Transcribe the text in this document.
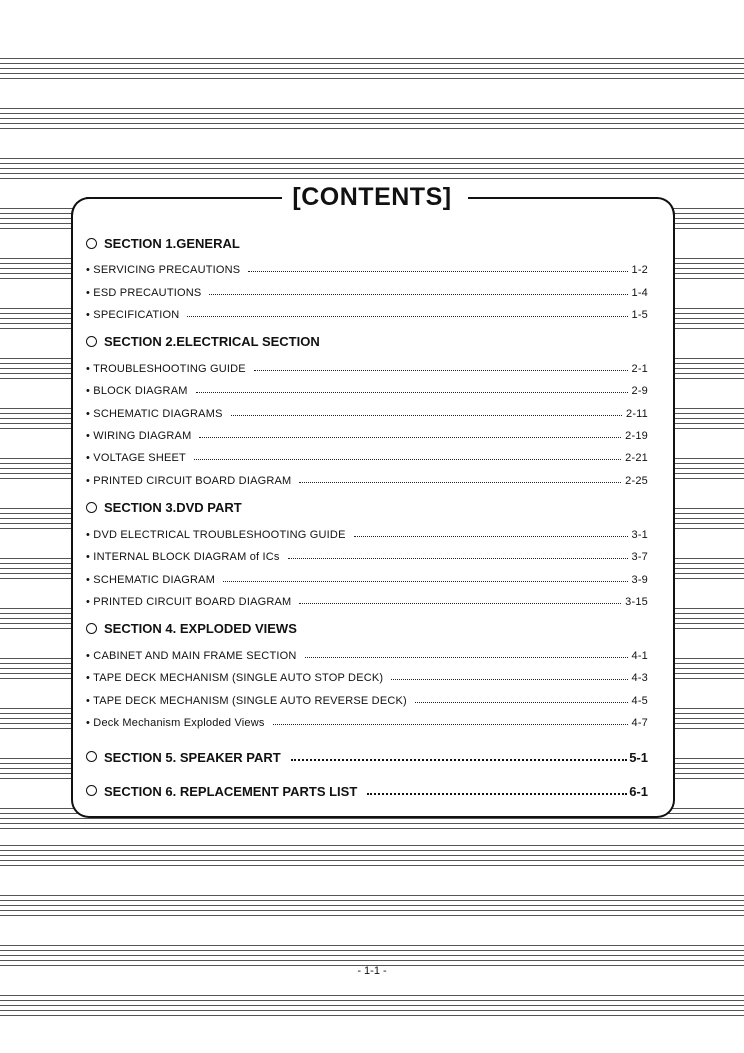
[CONTENTS]
SECTION 1.GENERAL
• SERVICING PRECAUTIONS	1-2
• ESD PRECAUTIONS	1-4
• SPECIFICATION	1-5
SECTION 2.ELECTRICAL SECTION
• TROUBLESHOOTING GUIDE	2-1
• BLOCK DIAGRAM	2-9
• SCHEMATIC DIAGRAMS	2-11
• WIRING DIAGRAM	2-19
• VOLTAGE SHEET	2-21
• PRINTED CIRCUIT BOARD DIAGRAM	2-25
SECTION 3.DVD PART
• DVD ELECTRICAL TROUBLESHOOTING GUIDE	3-1
• INTERNAL BLOCK DIAGRAM of ICs	3-7
• SCHEMATIC DIAGRAM	3-9
• PRINTED CIRCUIT BOARD DIAGRAM	3-15
SECTION 4. EXPLODED VIEWS
• CABINET AND MAIN FRAME SECTION	4-1
• TAPE DECK MECHANISM (SINGLE AUTO STOP DECK)	4-3
• TAPE DECK MECHANISM (SINGLE AUTO REVERSE DECK)	4-5
• Deck Mechanism Exploded Views	4-7
SECTION 5. SPEAKER PART	5-1
SECTION 6. REPLACEMENT PARTS LIST	6-1
- 1-1 -
